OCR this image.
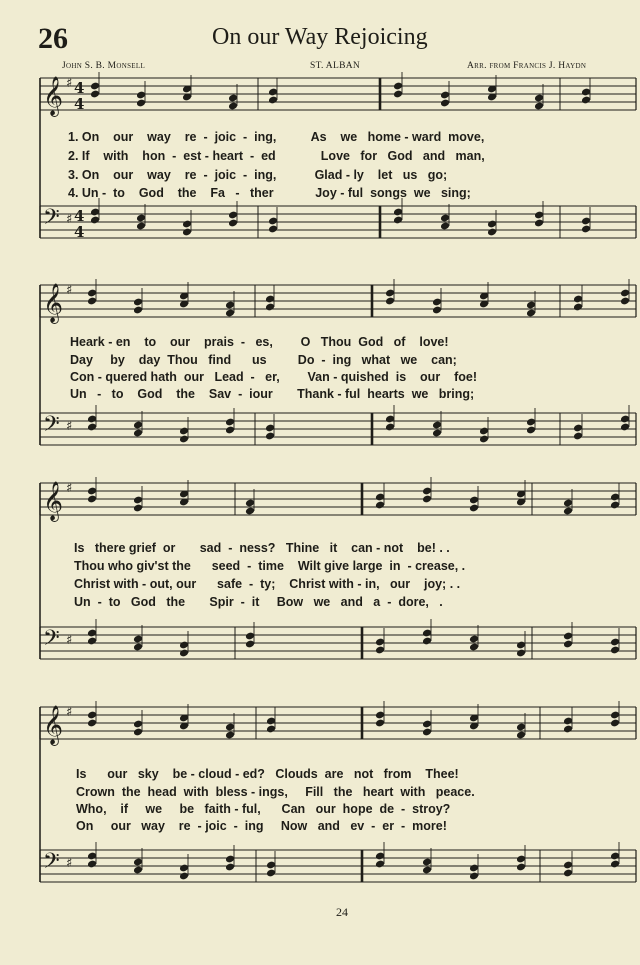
26	On our Way Rejoicing
John S. B. Monsell	ST. ALBAN	Arr. from Francis J. Haydn
𝄞 ♯ 4
4
𝄢 ♯ 4
4
𝄞 ♯
𝄢 ♯
𝄞 ♯
𝄢 ♯
𝄞 ♯
𝄢 ♯
1. On    our    way    re  -  joic  -  ing,          As    we   home - ward  move,
2. If    with    hon  -  est - heart  -  ed             Love   for   God   and   man,
3. On    our    way    re  -  joic  -  ing,           Glad - ly    let   us   go;
4. Un -  to    God    the    Fa   -   ther            Joy - ful  songs  we   sing;
Heark - en    to    our    prais  -   es,        O   Thou  God   of    love!
Day     by    day  Thou   find      us         Do  -  ing   what   we    can;
Con - quered hath  our   Lead  -   er,        Van - quished  is    our    foe!
Un   -   to    God    the    Sav  -  iour       Thank - ful  hearts  we   bring;
Is   there grief  or       sad  -  ness?   Thine   it    can - not    be! . .
Thou who giv'st the      seed  -  time    Wilt give large  in  - crease, .
Christ with - out, our      safe  -  ty;    Christ with - in,   our    joy; . .
Un  -  to   God   the       Spir  -  it     Bow   we   and   a  -  dore,   .
Is      our   sky    be - cloud - ed?   Clouds  are   not   from    Thee!
Crown  the  head  with  bless - ings,     Fill   the   heart  with   peace.
Who,    if     we     be   faith - ful,      Can   our  hope  de  -  stroy?
On     our   way    re  - joic  -  ing     Now   and   ev  -  er  -  more!
24
